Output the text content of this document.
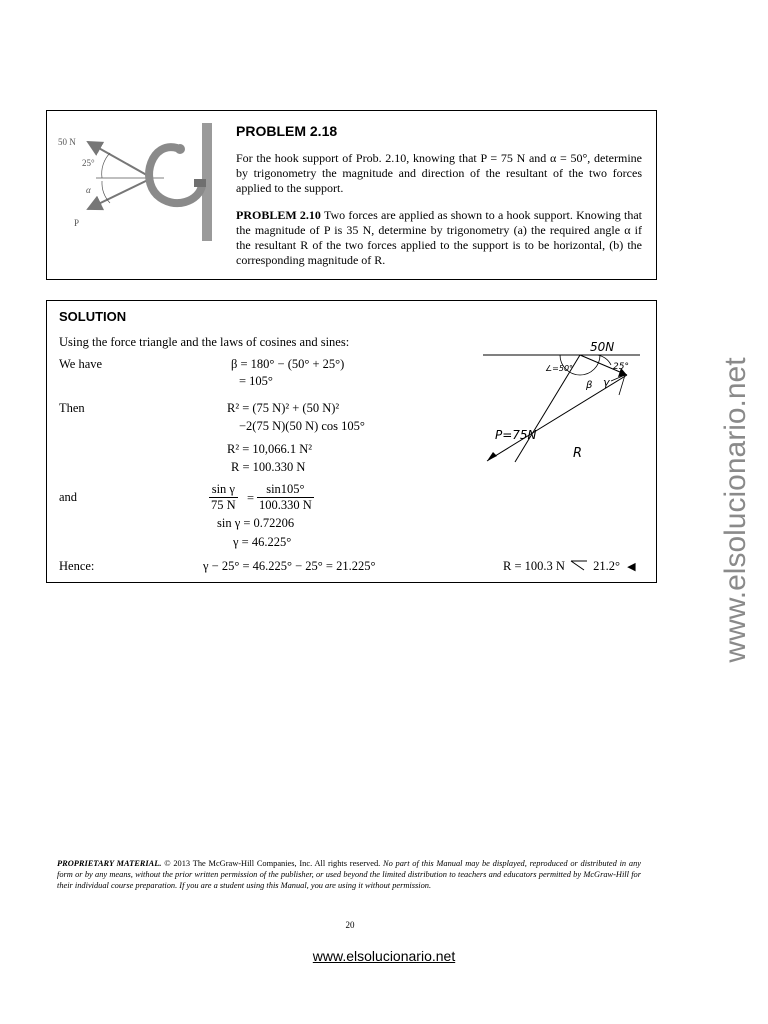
50 N
25°
α
P
PROBLEM 2.18

For the hook support of Prob. 2.10, knowing that P = 75 N and α = 50°, determine by trigonometry the magnitude and direction of the resultant of the two forces applied to the support.

PROBLEM 2.10 Two forces are applied as shown to a hook support. Knowing that the magnitude of P is 35 N, determine by trigonometry (a) the required angle α if the resultant R of the two forces applied to the support is to be horizontal, (b) the corresponding magnitude of R.

SOLUTION
Using the force triangle and the laws of cosines and sines:
We have	β = 180° − (50° + 25°)
= 105°
Then	R² = (75 N)² + (50 N)²
−2(75 N)(50 N) cos 105°
R² = 10,066.1 N²
R = 100.330 N
and	$\frac{\text{sin γ}}{75 N} = \frac{\sin 105^\circ}{100.330 N}$
sin γ = 0.72206
γ = 46.225°
Hence:	γ − 25° = 46.225° − 25° = 21.225°	R = 100.3 N 21.2° ◀
50N
∠=50°	25°
β γ
P=75N
R
PROPRIETARY MATERIAL. © 2013 The McGraw-Hill Companies, Inc. All rights reserved. No part of this Manual may be displayed, reproduced or distributed in any form or by any means, without the prior written permission of the publisher, or used beyond the limited distribution to teachers and educators permitted by McGraw-Hill for their individual course preparation. If you are a student using this Manual, you are using it without permission.
20
www.elsolucionario.net
www.elsolucionario.net
